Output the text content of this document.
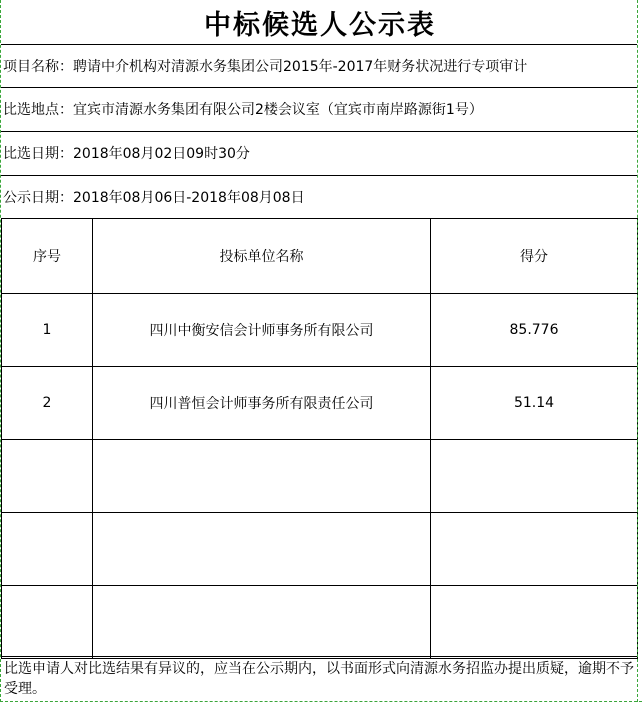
中标候选人公示表
项目名称： 聘请中介机构对清源水务集团公司2015年-2017年财务状况进行专项审计
比选地点： 宜宾市清源水务集团有限公司2楼会议室（宜宾市南岸路源街1号）
比选日期： 2018年08月02日09时30分
公示日期： 2018年08月06日-2018年08月08日
序号	投标单位名称	得分
1	四川中衡安信会计师事务所有限公司	85.776
2	四川普恒会计师事务所有限责任公司	51.14

比选申请人对比选结果有异议的，应当在公示期内，以书面形式向清源水务招监办提出质疑，逾期不予受理。
